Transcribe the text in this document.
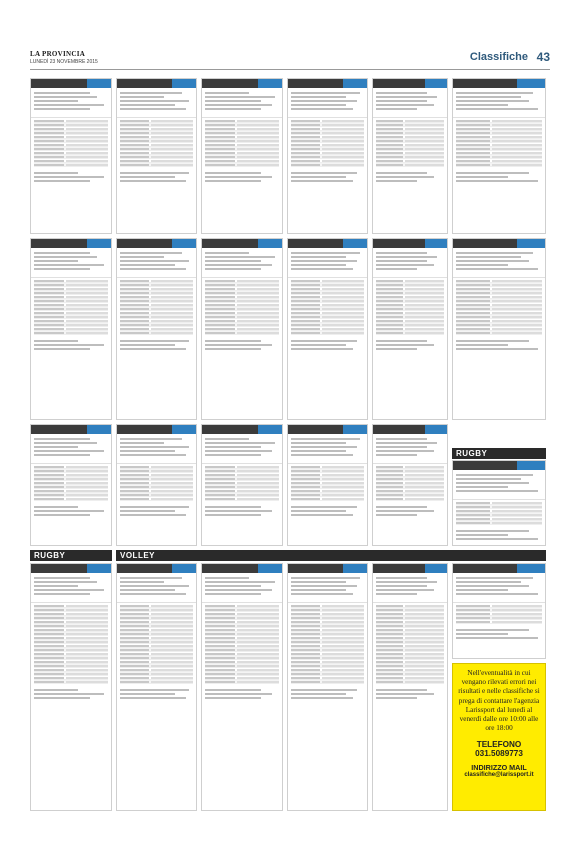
LA PROVINCIA
LUNEDÌ 23 NOVEMBRE 2015	Classifiche 43
RUGBY
RUGBY	VOLLEY
Nell'eventualità in cui vengano rilevati errori nei risultati e nelle classifiche si prega di contattare l'agenzia Larissport dal lunedì al venerdì dalle ore 10:00 alle ore 18:00
TELEFONO
031.5089773
INDIRIZZO MAIL
classifiche@larissport.it
